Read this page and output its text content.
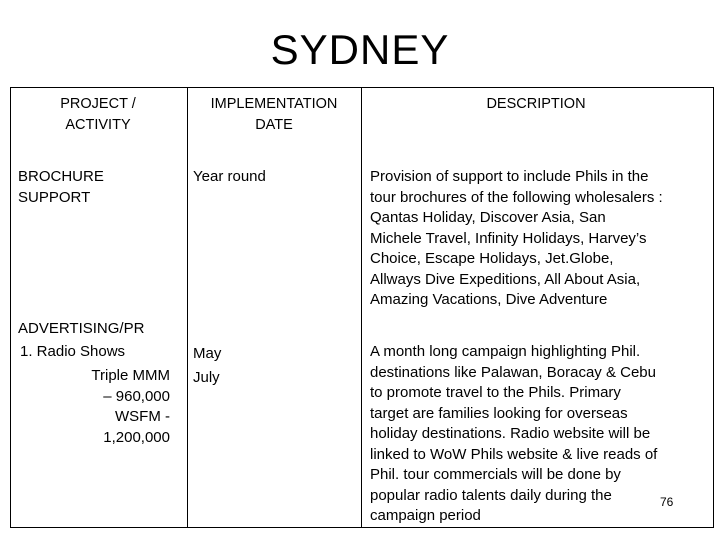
SYDNEY
PROJECT /
ACTIVITY
IMPLEMENTATION
DATE
DESCRIPTION
BROCHURE
SUPPORT
Year round	Provision of support to include Phils in the
tour brochures of the following wholesalers :
Qantas Holiday, Discover Asia, San
Michele Travel, Infinity Holidays, Harvey’s
Choice, Escape Holidays, Jet.Globe,
Allways Dive Expeditions, All About Asia,
Amazing Vacations, Dive Adventure
ADVERTISING/PR
1. Radio Shows
Triple MMM
– 960,000
WSFM -
1,200,000
May
July
A month long campaign highlighting Phil.
destinations like Palawan, Boracay & Cebu
to promote travel to the Phils. Primary
target are families looking for overseas
holiday destinations. Radio website will be
linked to WoW Phils website & live reads of
Phil. tour commercials will be done by
popular radio talents daily during the
campaign period
76
